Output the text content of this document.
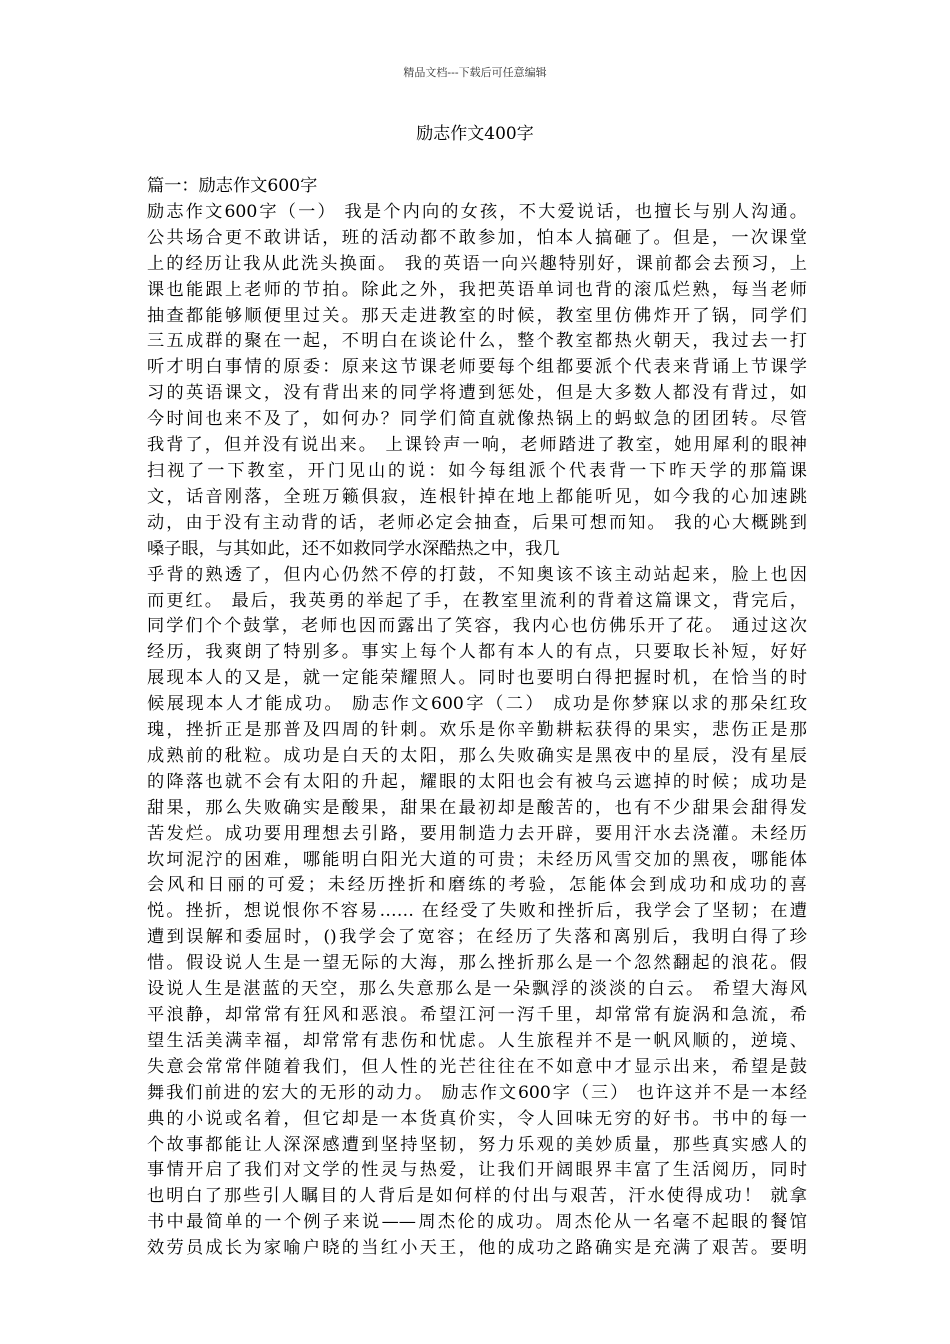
精品文档---下载后可任意编辑
励志作文400字
篇一：励志作文600字
励志作文600字（一） 我是个内向的女孩，不大爱说话，也擅长与别人沟通。
公共场合更不敢讲话，班的活动都不敢参加，怕本人搞砸了。但是，一次课堂
上的经历让我从此洗头换面。 我的英语一向兴趣特别好，课前都会去预习，上
课也能跟上老师的节拍。除此之外，我把英语单词也背的滚瓜烂熟，每当老师
抽查都能够顺便里过关。那天走进教室的时候，教室里仿佛炸开了锅，同学们
三五成群的聚在一起，不明白在谈论什么，整个教室都热火朝天，我过去一打
听才明白事情的原委：原来这节课老师要每个组都要派个代表来背诵上节课学
习的英语课文，没有背出来的同学将遭到惩处，但是大多数人都没有背过，如
今时间也来不及了，如何办？同学们简直就像热锅上的蚂蚁急的团团转。尽管
我背了，但并没有说出来。 上课铃声一响，老师踏进了教室，她用犀利的眼神
扫视了一下教室，开门见山的说：如今每组派个代表背一下昨天学的那篇课
文，话音刚落，全班万籁俱寂，连根针掉在地上都能听见，如今我的心加速跳
动，由于没有主动背的话，老师必定会抽查，后果可想而知。 我的心大概跳到
嗓子眼，与其如此，还不如救同学水深酷热之中，我几
乎背的熟透了，但内心仍然不停的打鼓，不知奥该不该主动站起来，脸上也因
而更红。 最后，我英勇的举起了手，在教室里流利的背着这篇课文，背完后，
同学们个个鼓掌，老师也因而露出了笑容，我内心也仿佛乐开了花。 通过这次
经历，我爽朗了特别多。事实上每个人都有本人的有点，只要取长补短，好好
展现本人的又是，就一定能荣耀照人。同时也要明白得把握时机，在恰当的时
候展现本人才能成功。 励志作文600字（二） 成功是你梦寐以求的那朵红玫
瑰，挫折正是那普及四周的针刺。欢乐是你辛勤耕耘获得的果实，悲伤正是那
成熟前的秕粒。成功是白天的太阳，那么失败确实是黑夜中的星辰，没有星辰
的降落也就不会有太阳的升起，耀眼的太阳也会有被乌云遮掉的时候；成功是
甜果，那么失败确实是酸果，甜果在最初却是酸苦的，也有不少甜果会甜得发
苦发烂。成功要用理想去引路，要用制造力去开辟，要用汗水去浇灌。未经历
坎坷泥泞的困难，哪能明白阳光大道的可贵；未经历风雪交加的黑夜，哪能体
会风和日丽的可爱；未经历挫折和磨练的考验，怎能体会到成功和成功的喜
悦。挫折，想说恨你不容易…… 在经受了失败和挫折后，我学会了坚韧；在遭
遭到误解和委屈时，()我学会了宽容；在经历了失落和离别后，我明白得了珍
惜。假设说人生是一望无际的大海，那么挫折那么是一个忽然翻起的浪花。假
设说人生是湛蓝的天空，那么失意那么是一朵飘浮的淡淡的白云。 希望大海风
平浪静，却常常有狂风和恶浪。希望江河一泻千里，却常常有旋涡和急流，希
望生活美满幸福，却常常有悲伤和忧虑。人生旅程并不是一帆风顺的，逆境、
失意会常常伴随着我们，但人性的光芒往往在不如意中才显示出来，希望是鼓
舞我们前进的宏大的无形的动力。 励志作文600字（三） 也许这并不是一本经
典的小说或名着，但它却是一本货真价实，令人回味无穷的好书。书中的每一
个故事都能让人深深感遭到坚持坚韧，努力乐观的美妙质量，那些真实感人的
事情开启了我们对文学的性灵与热爱，让我们开阔眼界丰富了生活阅历，同时
也明白了那些引人瞩目的人背后是如何样的付出与艰苦，汗水使得成功！ 就拿
书中最简单的一个例子来说——周杰伦的成功。周杰伦从一名毫不起眼的餐馆
效劳员成长为家喻户晓的当红小天王，他的成功之路确实是充满了艰苦。要明
